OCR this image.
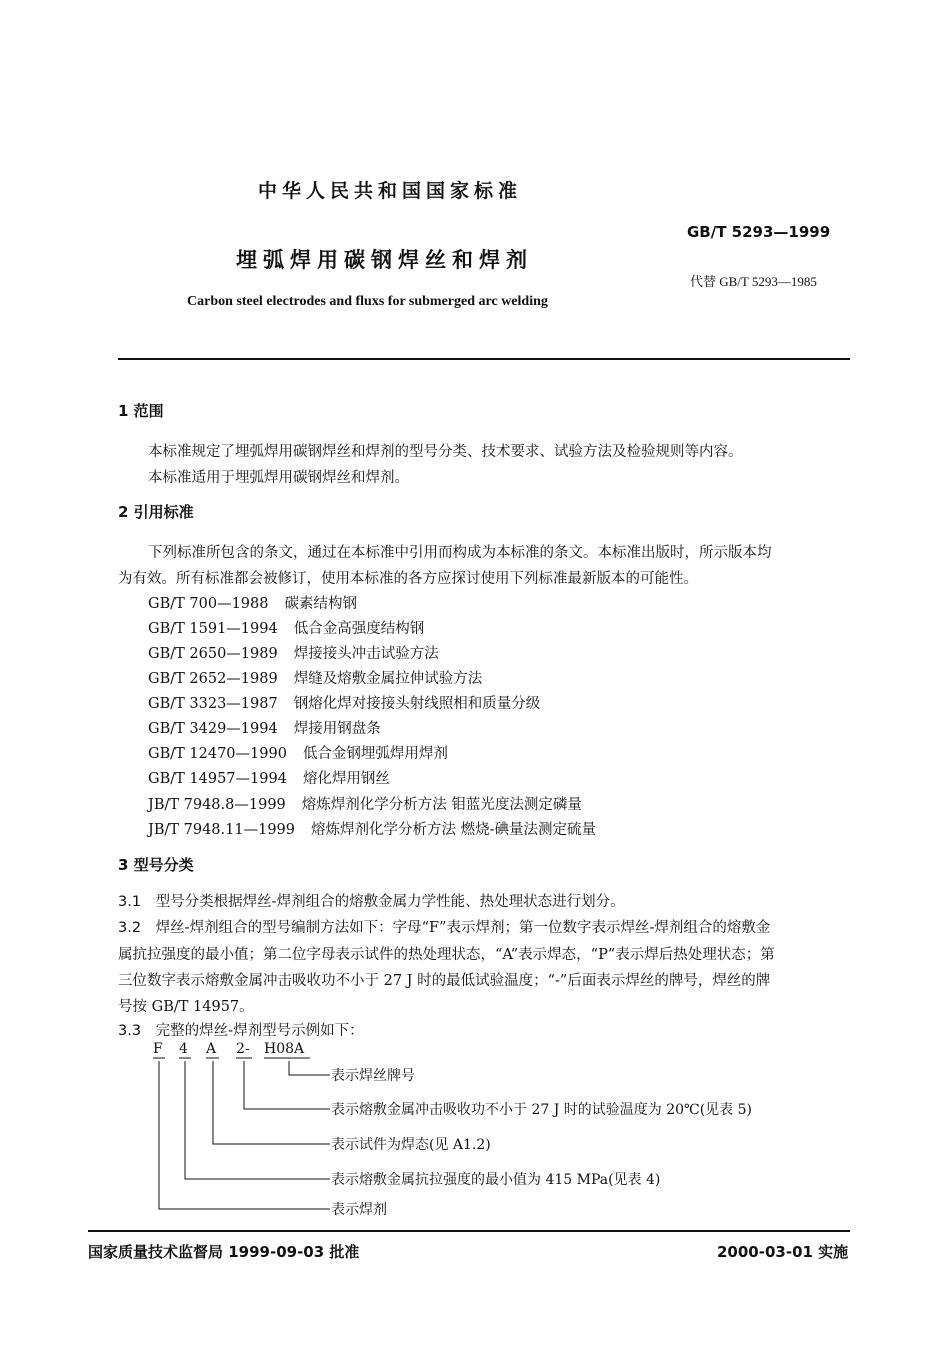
中华人民共和国国家标准
GB/T 5293—1999
埋弧焊用碳钢焊丝和焊剂
代替 GB/T 5293—1985
Carbon steel electrodes and fluxs for submerged arc welding
1 范围
本标准规定了埋弧焊用碳钢焊丝和焊剂的型号分类、技术要求、试验方法及检验规则等内容。
本标准适用于埋弧焊用碳钢焊丝和焊剂。
2 引用标准
下列标准所包含的条文，通过在本标准中引用而构成为本标准的条文。本标准出版时，所示版本均
为有效。所有标准都会被修订，使用本标准的各方应探讨使用下列标准最新版本的可能性。
GB/T 700—1988 碳素结构钢
GB/T 1591—1994 低合金高强度结构钢
GB/T 2650—1989 焊接接头冲击试验方法
GB/T 2652—1989 焊缝及熔敷金属拉伸试验方法
GB/T 3323—1987 钢熔化焊对接接头射线照相和质量分级
GB/T 3429—1994 焊接用钢盘条
GB/T 12470—1990 低合金钢埋弧焊用焊剂
GB/T 14957—1994 熔化焊用钢丝
JB/T 7948.8—1999 熔炼焊剂化学分析方法 钼蓝光度法测定磷量
JB/T 7948.11—1999 熔炼焊剂化学分析方法 燃烧-碘量法测定硫量
3 型号分类
3.1 型号分类根据焊丝-焊剂组合的熔敷金属力学性能、热处理状态进行划分。
3.2 焊丝-焊剂组合的型号编制方法如下：字母“F”表示焊剂；第一位数字表示焊丝-焊剂组合的熔敷金
属抗拉强度的最小值；第二位字母表示试件的热处理状态，“A”表示焊态，“P”表示焊后热处理状态；第
三位数字表示熔敷金属冲击吸收功不小于 27 J 时的最低试验温度；“-”后面表示焊丝的牌号，焊丝的牌
号按 GB/T 14957。
3.3 完整的焊丝-焊剂型号示例如下：
F 4 A 2- H08A
表示焊丝牌号
表示熔敷金属冲击吸收功不小于 27 J 时的试验温度为 20℃(见表 5)
表示试件为焊态(见 A1.2)
表示熔敷金属抗拉强度的最小值为 415 MPa(见表 4)
表示焊剂
国家质量技术监督局 1999-09-03 批准	2000-03-01 实施
